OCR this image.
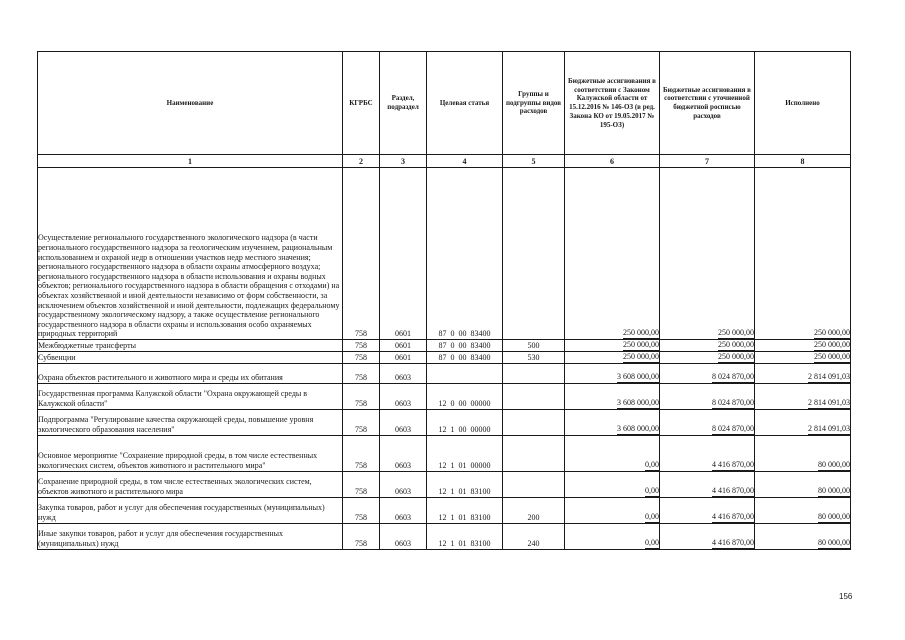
Наименование	КГРБС	Раздел, подраздел	Целевая статья	Группы и подгруппы видов расходов	Бюджетные ассигнования в соответствии с Законом Калужской области от 15.12.2016 № 146-ОЗ (в ред. Закона КО от 19.05.2017 № 195-ОЗ)	Бюджетные ассигнования в соответствии с уточненной бюджетной росписью расходов	Исполнено
1	2	3	4	5	6	7	8
Осуществление регионального государственного экологического надзора (в части регионального государственного надзора за геологическим изучением, рациональным использованием и охраной недр в отношении участков недр местного значения; регионального государственного надзора в области охраны атмосферного воздуха; регионального государственного надзора в области использования и охраны водных объектов; регионального государственного надзора в области обращения с отходами) на объектах хозяйственной и иной деятельности независимо от форм собственности, за исключением объектов хозяйственной и иной деятельности, подлежащих федеральному государственному экологическому надзору, а также осуществление регионального государственного надзора в области охраны и использования особо охраняемых природных территорий	758	0601	87  0  00  83400		250 000,00	250 000,00	250 000,00
Межбюджетные трансферты	758	0601	87  0  00  83400	500	250 000,00	250 000,00	250 000,00
Субвенции	758	0601	87  0  00  83400	530	250 000,00	250 000,00	250 000,00
Охрана объектов растительного и животного мира и среды их обитания	758	0603			3 608 000,00	8 024 870,00	2 814 091,03
Государственная программа Калужской области "Охрана окружающей среды в Калужской области"	758	0603	12  0  00  00000		3 608 000,00	8 024 870,00	2 814 091,03
Подпрограмма "Регулирование качества окружающей среды, повышение уровня экологического образования населения"	758	0603	12  1  00  00000		3 608 000,00	8 024 870,00	2 814 091,03
Основное мероприятие "Сохранение природной среды, в том числе естественных экологических систем, объектов животного и растительного мира"	758	0603	12  1  01  00000		0,00	4 416 870,00	80 000,00
Сохранение природной среды, в том числе естественных экологических систем, объектов животного и растительного мира	758	0603	12  1  01  83100		0,00	4 416 870,00	80 000,00
Закупка товаров, работ и услуг для обеспечения государственных (муниципальных) нужд	758	0603	12  1  01  83100	200	0,00	4 416 870,00	80 000,00
Иные закупки товаров, работ и услуг для обеспечения государственных (муниципальных) нужд	758	0603	12  1  01  83100	240	0,00	4 416 870,00	80 000,00
156
